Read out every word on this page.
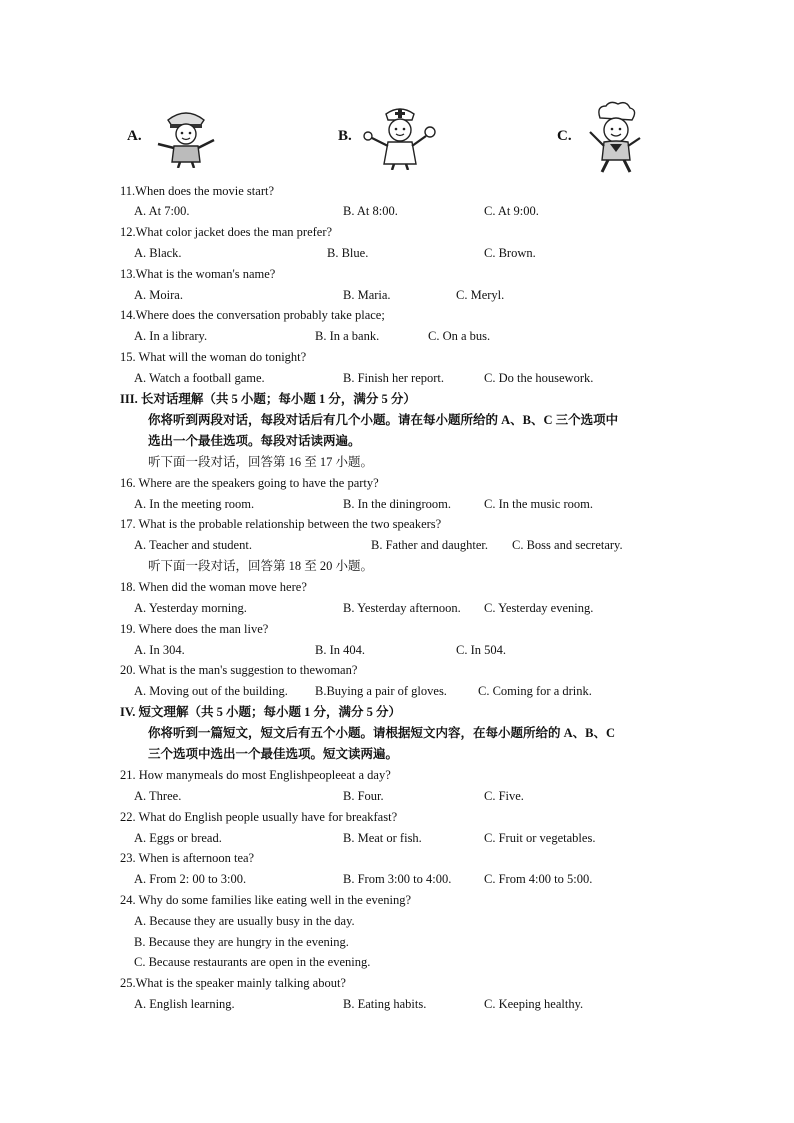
A.	B.	C.
11.When does the movie start?
A. At 7:00.	B. At 8:00.	C. At 9:00.
12.What color jacket does the man prefer?
A. Black.	B. Blue.	C. Brown.
13.What is the woman's name?
A. Moira.	B. Maria.	C. Meryl.
14.Where does the conversation probably take place;
A. In a library.	B. In a bank.	C. On a bus.
15. What will the woman do tonight?
A. Watch a football game.	B. Finish her report.	C. Do the housework.
III. 长对话理解（共 5 小题；每小题 1 分，满分 5 分）
你将听到两段对话，每段对话后有几个小题。请在每小题所给的 A、B、C 三个选项中
选出一个最佳选项。每段对话读两遍。
听下面一段对话，回答第 16 至 17 小题。
16. Where are the speakers going to have the party?
A. In the meeting room.	B. In the diningroom.	C. In the music room.
17. What is the probable relationship between the two speakers?
A. Teacher and student.	B. Father and daughter. C. Boss and secretary.
听下面一段对话，回答第 18 至 20 小题。
18. When did the woman move here?
A. Yesterday morning.	B. Yesterday afternoon. C. Yesterday evening.
19. Where does the man live?
A. In 304.	B. In 404.	C. In 504.
20. What is the man's suggestion to thewoman?
A. Moving out of the building. B.Buying a pair of gloves. C. Coming for a drink.
IV. 短文理解（共 5 小题；每小题 1 分，满分 5 分）
你将听到一篇短文，短文后有五个小题。请根据短文内容，在每小题所给的 A、B、C
三个选项中选出一个最佳选项。短文读两遍。
21. How manymeals do most Englishpeopleeat a day?
A. Three.	B. Four.	C. Five.
22. What do English people usually have for breakfast?
A. Eggs or bread.	B. Meat or fish.	C. Fruit or vegetables.
23. When is afternoon tea?
A. From 2: 00 to 3:00.	B. From 3:00 to 4:00.	C. From 4:00 to 5:00.
24. Why do some families like eating well in the evening?
A. Because they are usually busy in the day.
B. Because they are hungry in the evening.
C. Because restaurants are open in the evening.
25.What is the speaker mainly talking about?
A. English learning.	B. Eating habits.	C. Keeping healthy.
